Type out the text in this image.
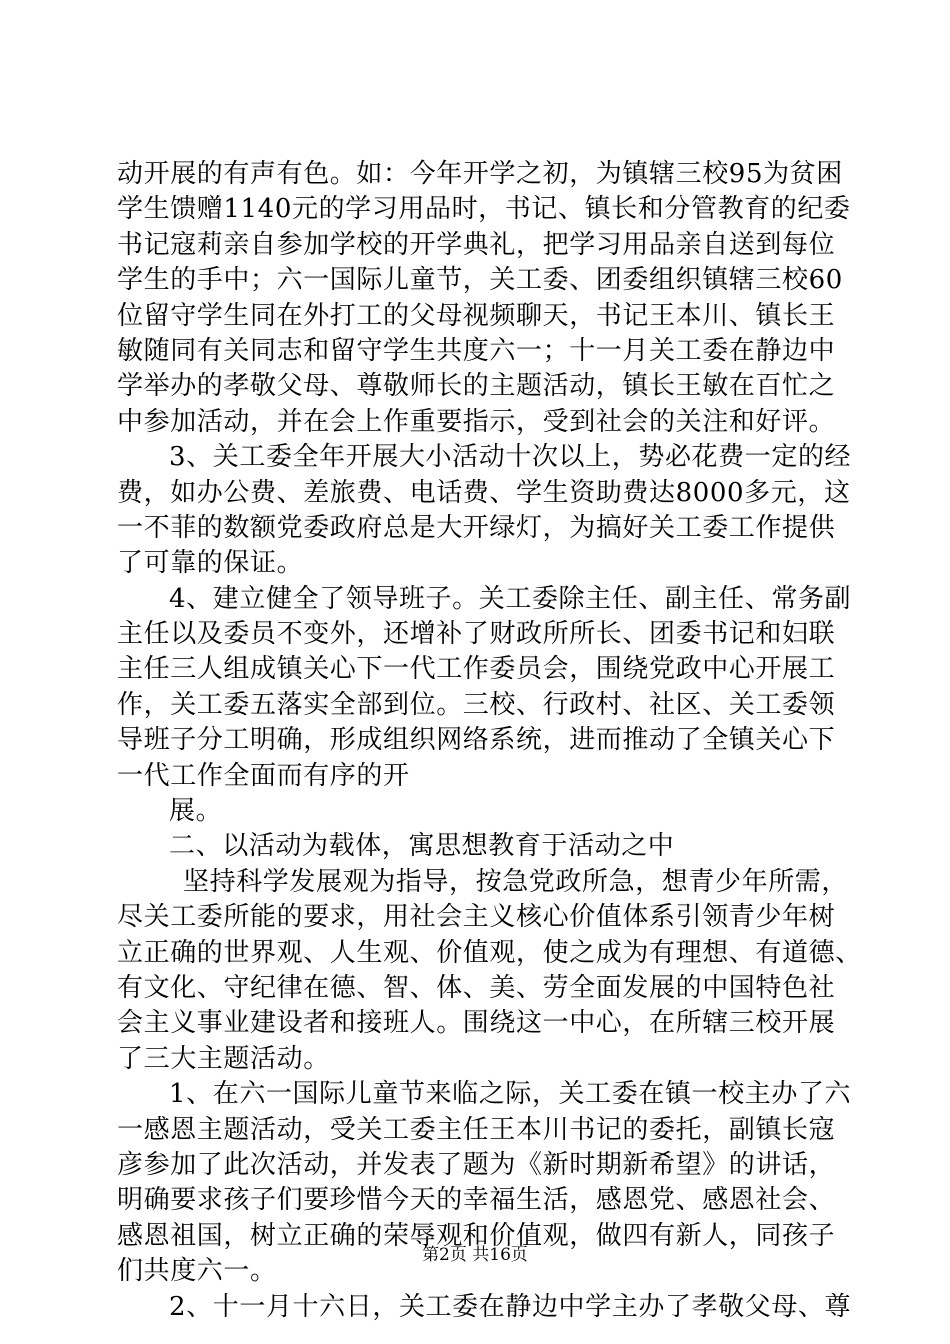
动开展的有声有色。如：今年开学之初，为镇辖三校95为贫困
学生馈赠1140元的学习用品时，书记、镇长和分管教育的纪委
书记寇莉亲自参加学校的开学典礼，把学习用品亲自送到每位
学生的手中；六一国际儿童节，关工委、团委组织镇辖三校60
位留守学生同在外打工的父母视频聊天，书记王本川、镇长王
敏随同有关同志和留守学生共度六一；十一月关工委在静边中
学举办的孝敬父母、尊敬师长的主题活动，镇长王敏在百忙之
中参加活动，并在会上作重要指示，受到社会的关注和好评。
3、关工委全年开展大小活动十次以上，势必花费一定的经
费，如办公费、差旅费、电话费、学生资助费达8000多元，这
一不菲的数额党委政府总是大开绿灯，为搞好关工委工作提供
了可靠的保证。
4、建立健全了领导班子。关工委除主任、副主任、常务副
主任以及委员不变外，还增补了财政所所长、团委书记和妇联
主任三人组成镇关心下一代工作委员会，围绕党政中心开展工
作，关工委五落实全部到位。三校、行政村、社区、关工委领
导班子分工明确，形成组织网络系统，进而推动了全镇关心下
一代工作全面而有序的开
展。
二、以活动为载体，寓思想教育于活动之中
坚持科学发展观为指导，按急党政所急，想青少年所需，
尽关工委所能的要求，用社会主义核心价值体系引领青少年树
立正确的世界观、人生观、价值观，使之成为有理想、有道德、
有文化、守纪律在德、智、体、美、劳全面发展的中国特色社
会主义事业建设者和接班人。围绕这一中心，在所辖三校开展
了三大主题活动。
1、在六一国际儿童节来临之际，关工委在镇一校主办了六
一感恩主题活动，受关工委主任王本川书记的委托，副镇长寇
彦参加了此次活动，并发表了题为《新时期新希望》的讲话，
明确要求孩子们要珍惜今天的幸福生活，感恩党、感恩社会、
感恩祖国，树立正确的荣辱观和价值观，做四有新人，同孩子
们共度六一。
2、十一月十六日，关工委在静边中学主办了孝敬父母、尊
第2页 共16页
